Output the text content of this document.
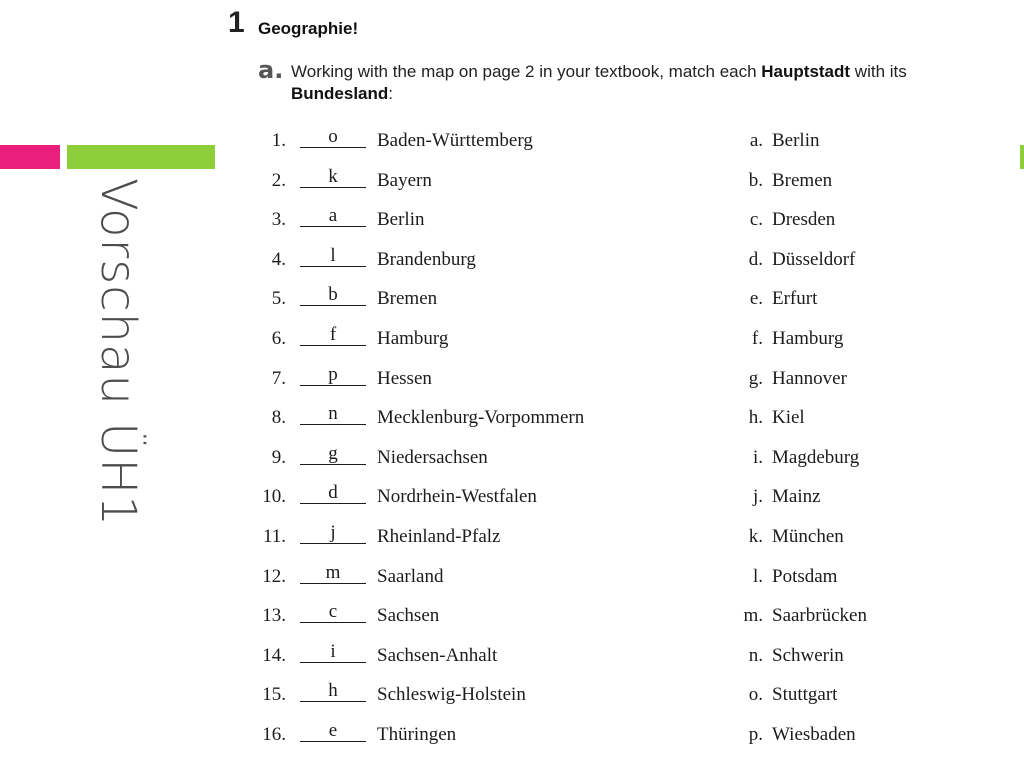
Vorschau ÜH1
1 Geographie!
a. Working with the map on page 2 in your textbook, match each Hauptstadt with its Bundesland:
1.	o	Baden-Württemberg	a. Berlin
2.	k	Bayern	b. Bremen
3.	a	Berlin	c. Dresden
4.	l	Brandenburg	d. Düsseldorf
5.	b	Bremen	e. Erfurt
6.	f	Hamburg	f. Hamburg
7.	p	Hessen	g. Hannover
8.	n	Mecklenburg-Vorpommern	h. Kiel
9.	g	Niedersachsen	i. Magdeburg
10.	d	Nordrhein-Westfalen	j. Mainz
11.	j	Rheinland-Pfalz	k. München
12.	m	Saarland	l. Potsdam
13.	c	Sachsen	m. Saarbrücken
14.	i	Sachsen-Anhalt	n. Schwerin
15.	h	Schleswig-Holstein	o. Stuttgart
16.	e	Thüringen	p. Wiesbaden
